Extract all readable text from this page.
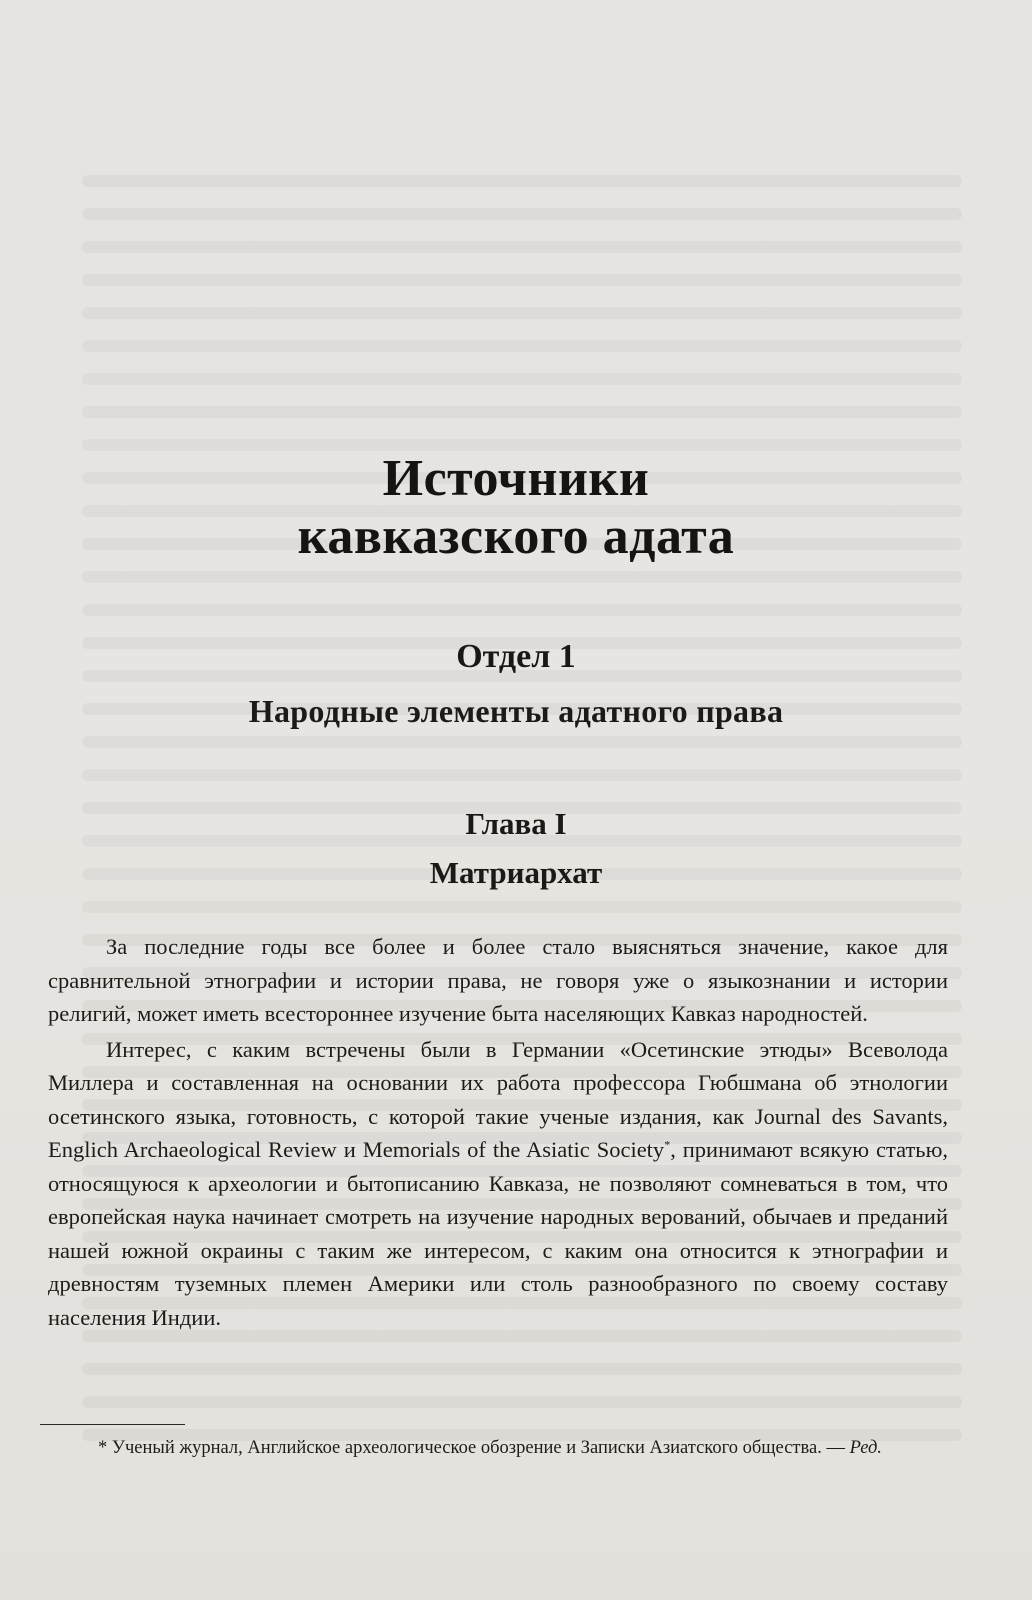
Источники
кавказского адата
Отдел 1
Народные элементы адатного права
Глава I
Матриархат

За последние годы все более и более стало выясняться значение, какое для сравнительной этнографии и истории права, не говоря уже о языкознании и истории религий, может иметь всестороннее изучение быта населяющих Кавказ народностей.

Интерес, с каким встречены были в Германии «Осетинские этюды» Всеволода Миллера и составленная на основании их работа профессора Гюбшмана об этнологии осетинского языка, готовность, с которой такие ученые издания, как Journal des Savants, Englich Archaeological Review и Memorials of the Asiatic Society*, принимают всякую статью, относящуюся к археологии и бытописанию Кавказа, не позволяют сомневаться в том, что европейская наука начинает смотреть на изучение народных верований, обычаев и преданий нашей южной окраины с таким же интересом, с каким она относится к этнографии и древностям туземных племен Америки или столь разнообразного по своему составу населения Индии.

* Ученый журнал, Английское археологическое обозрение и Записки Азиатского общества. — Ред.
